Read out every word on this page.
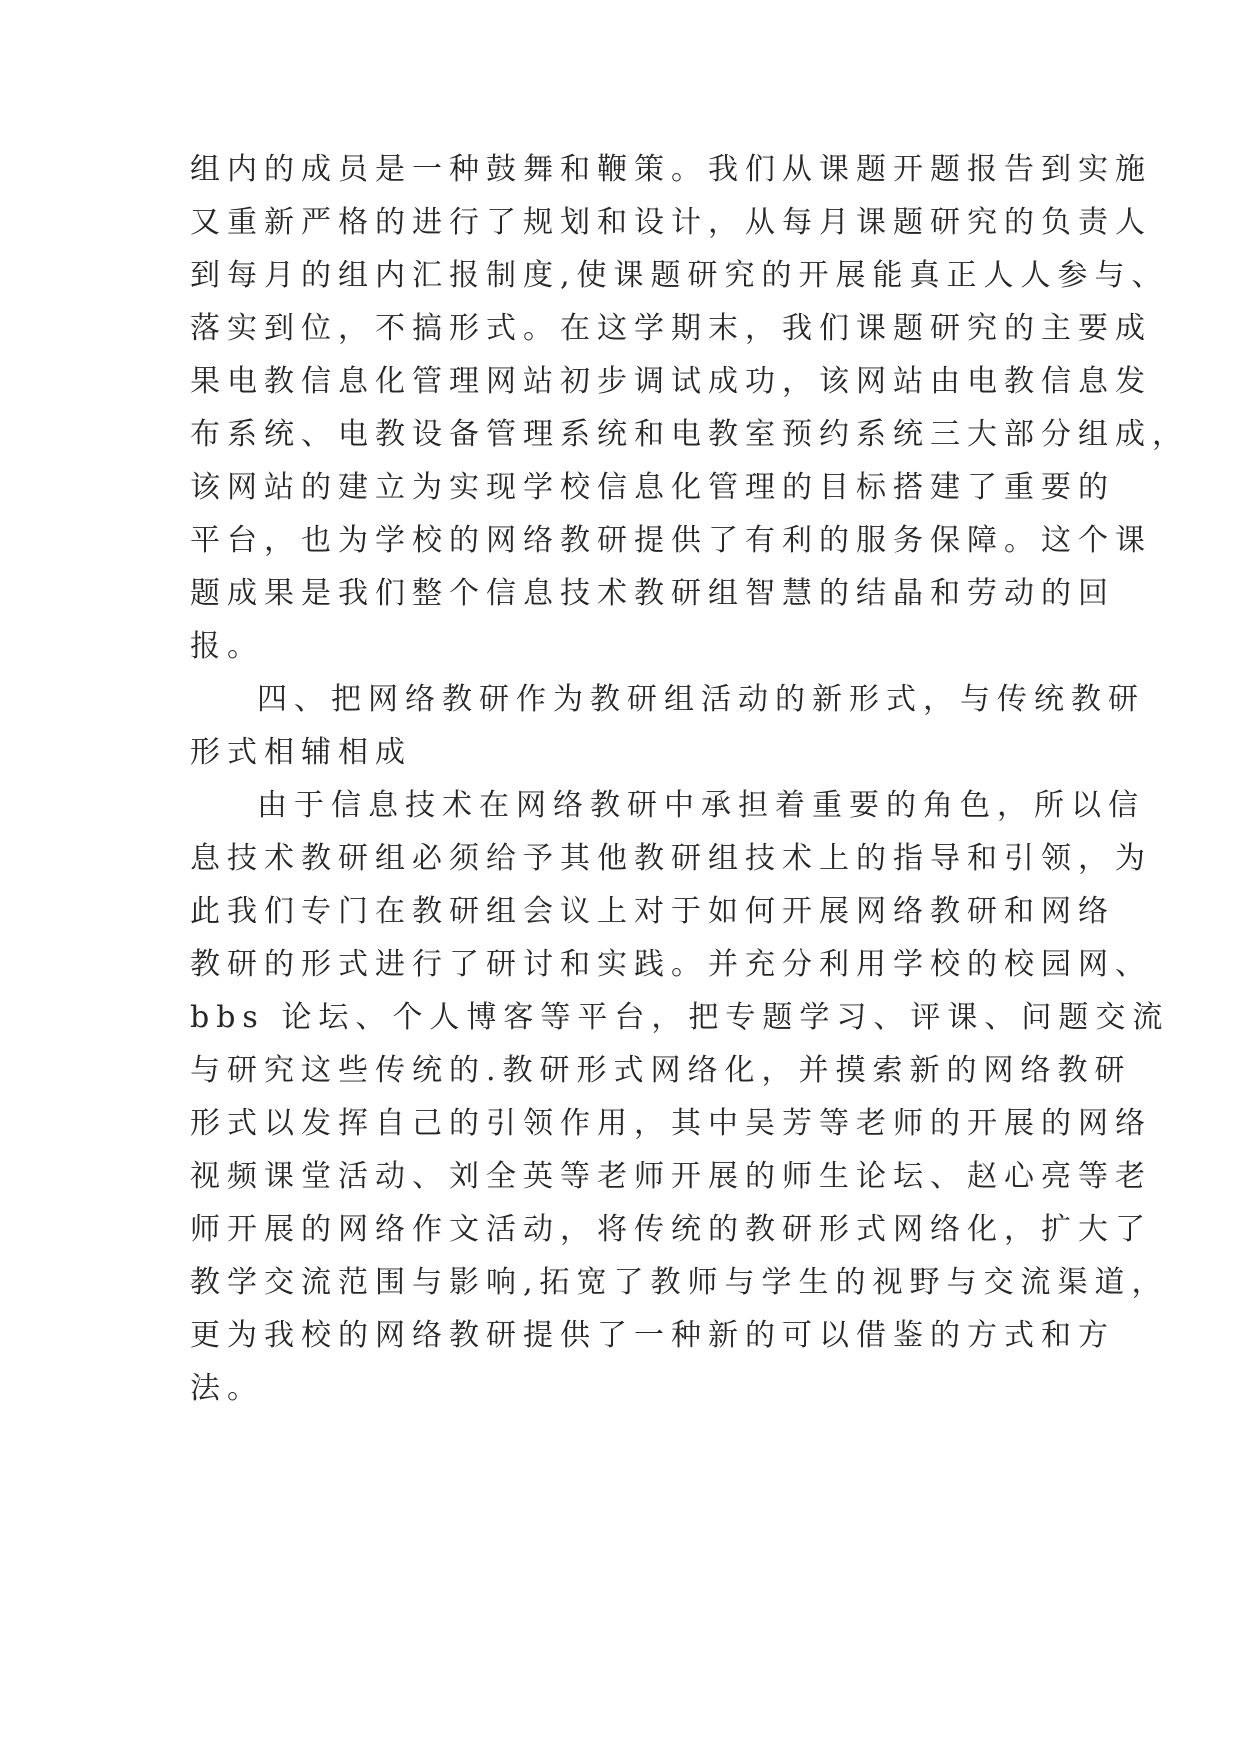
组内的成员是一种鼓舞和鞭策。我们从课题开题报告到实施
又重新严格的进行了规划和设计，从每月课题研究的负责人
到每月的组内汇报制度,使课题研究的开展能真正人人参与、
落实到位，不搞形式。在这学期末，我们课题研究的主要成
果电教信息化管理网站初步调试成功，该网站由电教信息发
布系统、电教设备管理系统和电教室预约系统三大部分组成，
该网站的建立为实现学校信息化管理的目标搭建了重要的
平台，也为学校的网络教研提供了有利的服务保障。这个课
题成果是我们整个信息技术教研组智慧的结晶和劳动的回
报。
四、把网络教研作为教研组活动的新形式，与传统教研
形式相辅相成
由于信息技术在网络教研中承担着重要的角色，所以信
息技术教研组必须给予其他教研组技术上的指导和引领，为
此我们专门在教研组会议上对于如何开展网络教研和网络
教研的形式进行了研讨和实践。并充分利用学校的校园网、
bbs 论坛、个人博客等平台，把专题学习、评课、问题交流
与研究这些传统的.教研形式网络化，并摸索新的网络教研
形式以发挥自己的引领作用，其中吴芳等老师的开展的网络
视频课堂活动、刘全英等老师开展的师生论坛、赵心亮等老
师开展的网络作文活动，将传统的教研形式网络化，扩大了
教学交流范围与影响,拓宽了教师与学生的视野与交流渠道，
更为我校的网络教研提供了一种新的可以借鉴的方式和方
法。
